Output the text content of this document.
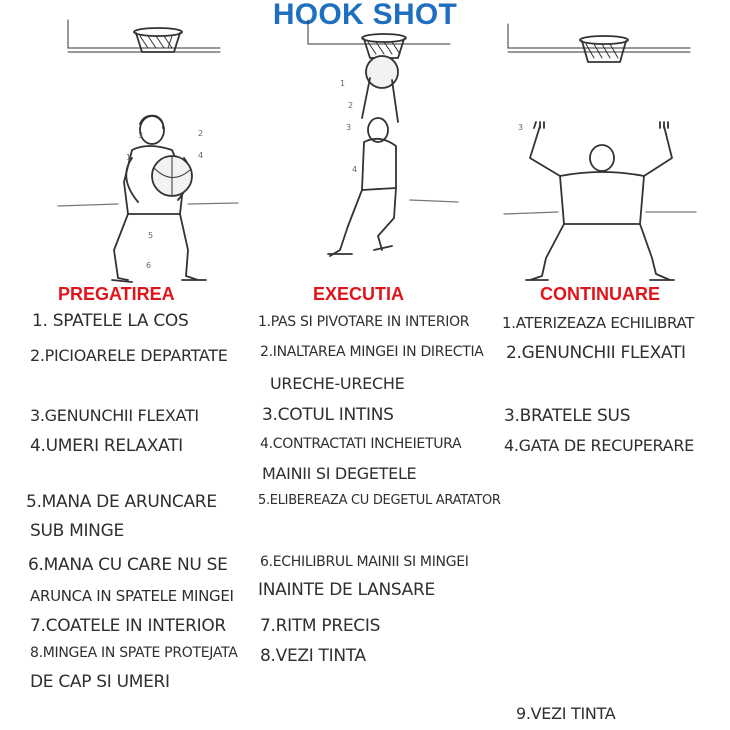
HOOK SHOT
1
2
3
4
5
6
1
2
3
4
3
PREGATIREA	EXECUTIA	CONTINUARE
1. SPATELE LA COS
2.PICIOARELE DEPARTATE
3.GENUNCHII FLEXATI
4.UMERI RELAXATI
5.MANA DE ARUNCARE
SUB MINGE
6.MANA CU CARE NU SE
ARUNCA IN SPATELE MINGEI
7.COATELE IN INTERIOR
8.MINGEA IN SPATE PROTEJATA
DE CAP SI UMERI
1.PAS SI PIVOTARE IN INTERIOR
2.INALTAREA MINGEI IN DIRECTIA
URECHE-URECHE
3.COTUL INTINS
4.CONTRACTATI INCHEIETURA
MAINII SI DEGETELE
5.ELIBEREAZA CU DEGETUL ARATATOR
6.ECHILIBRUL MAINII SI MINGEI
INAINTE DE LANSARE
7.RITM PRECIS
8.VEZI TINTA
1.ATERIZEAZA ECHILIBRAT
2.GENUNCHII FLEXATI
3.BRATELE SUS
4.GATA DE RECUPERARE
9.VEZI TINTA
